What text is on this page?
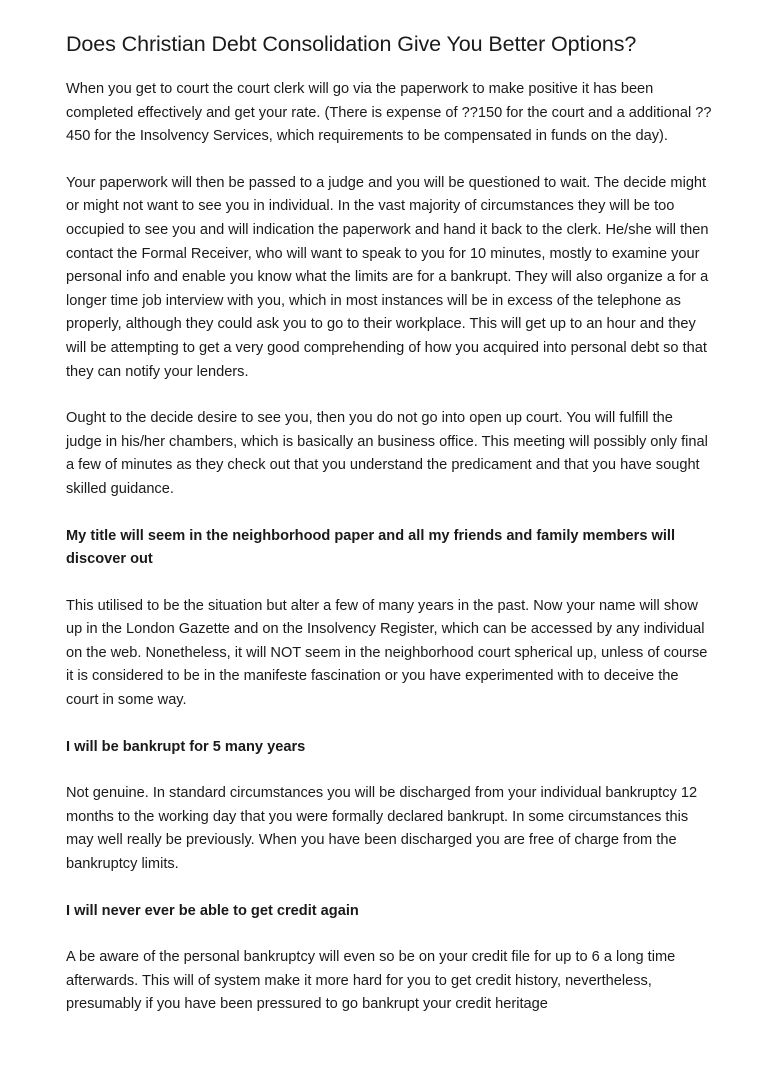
Does Christian Debt Consolidation Give You Better Options?

When you get to court the court clerk will go via the paperwork to make positive it has been completed effectively and get your rate. (There is expense of ??150 for the court and a additional ??450 for the Insolvency Services, which requirements to be compensated in funds on the day).

Your paperwork will then be passed to a judge and you will be questioned to wait. The decide might or might not want to see you in individual. In the vast majority of circumstances they will be too occupied to see you and will indication the paperwork and hand it back to the clerk. He/she will then contact the Formal Receiver, who will want to speak to you for 10 minutes, mostly to examine your personal info and enable you know what the limits are for a bankrupt. They will also organize a for a longer time job interview with you, which in most instances will be in excess of the telephone as properly, although they could ask you to go to their workplace. This will get up to an hour and they will be attempting to get a very good comprehending of how you acquired into personal debt so that they can notify your lenders.

Ought to the decide desire to see you, then you do not go into open up court. You will fulfill the judge in his/her chambers, which is basically an business office. This meeting will possibly only final a few of minutes as they check out that you understand the predicament and that you have sought skilled guidance.

My title will seem in the neighborhood paper and all my friends and family members will discover out

This utilised to be the situation but alter a few of many years in the past. Now your name will show up in the London Gazette and on the Insolvency Register, which can be accessed by any individual on the web. Nonetheless, it will NOT seem in the neighborhood court spherical up, unless of course it is considered to be in the manifeste fascination or you have experimented with to deceive the court in some way.

I will be bankrupt for 5 many years

Not genuine. In standard circumstances you will be discharged from your individual bankruptcy 12 months to the working day that you were formally declared bankrupt. In some circumstances this may well really be previously. When you have been discharged you are free of charge from the bankruptcy limits.

I will never ever be able to get credit again

A be aware of the personal bankruptcy will even so be on your credit file for up to 6 a long time afterwards. This will of system make it more hard for you to get credit history, nevertheless, presumably if you have been pressured to go bankrupt your credit heritage
